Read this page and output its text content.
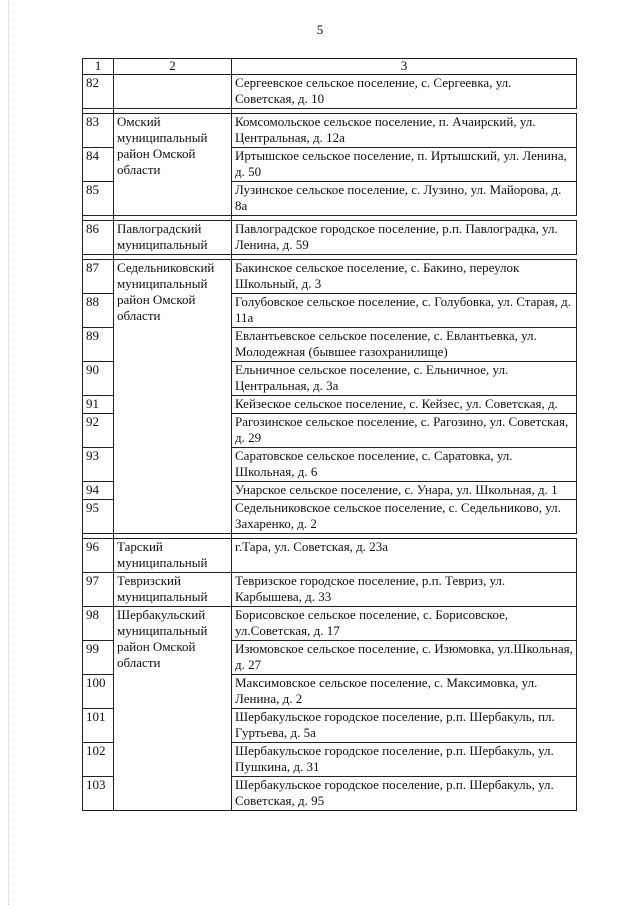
5
1	2	3
82		Сергеевское сельское поселение, с. Сергеевка, ул. Советская, д. 10

83	Омский муниципальный район Омской области	Комсомольское сельское поселение, п. Ачаирский, ул. Центральная, д. 12а
84		Иртышское сельское поселение, п. Иртышский, ул. Ленина, д. 50
85		Лузинское сельское поселение, с. Лузино, ул. Майорова, д. 8а

86	Павлоградский муниципальный	Павлоградское городское поселение, р.п. Павлоградка, ул. Ленина, д. 59

87	Седельниковский муниципальный район Омской области	Бакинское сельское поселение, с. Бакино, переулок Школьный, д. 3
88		Голубовское сельское поселение, с. Голубовка, ул. Старая, д. 11а
89		Евлантьевское сельское поселение, с. Евлантьевка, ул. Молодежная (бывшее газохранилище)
90		Ельничное сельское поселение, с. Ельничное, ул. Центральная, д. 3а
91		Кейзеское сельское поселение, с. Кейзес, ул. Советская, д.
92		Рагозинское сельское поселение, с. Рагозино, ул. Советская, д. 29
93		Саратовское сельское поселение, с. Саратовка, ул. Школьная, д. 6
94		Унарское сельское поселение, с. Унара, ул. Школьная, д. 1
95		Седельниковское сельское поселение, с. Седельниково, ул. Захаренко, д. 2

96	Тарский муниципальный	г.Тара, ул. Советская, д. 23а
97	Тевризский муниципальный	Тевризское городское поселение, р.п. Тевриз, ул. Карбышева, д. 33
98	Шербакульский муниципальный район Омской области	Борисовское сельское поселение, с. Борисовское, ул.Советская, д. 17
99		Изюмовское сельское поселение, с. Изюмовка, ул.Школьная, д. 27
100		Максимовское сельское поселение, с. Максимовка, ул. Ленина, д. 2
101		Шербакульское городское поселение, р.п. Шербакуль, пл. Гуртьева, д. 5а
102		Шербакульское городское поселение, р.п. Шербакуль, ул. Пушкина, д. 31
103		Шербакульское городское поселение, р.п. Шербакуль, ул. Советская, д. 95
